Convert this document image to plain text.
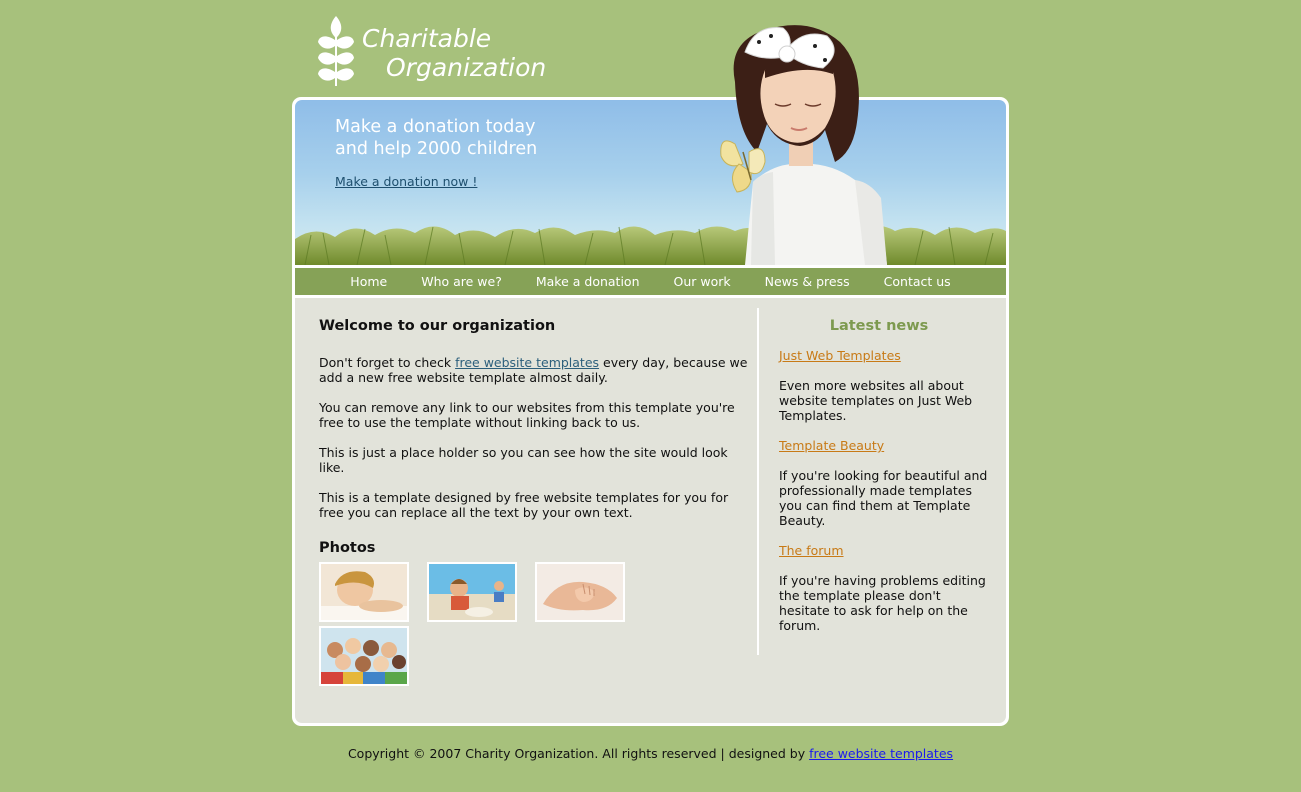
Charitable
Organization
Make a donation today
and help 2000 children
Make a donation now !
Home	Who are we?	Make a donation	Our work	News & press	Contact us
Welcome to our organization

Don't forget to check free website templates every day, because we add a new free website template almost daily.

You can remove any link to our websites from this template you're free to use the template without linking back to us.

This is just a place holder so you can see how the site would look like.

This is a template designed by free website templates for you for free you can replace all the text by your own text.

Photos
Latest news
Just Web Templates

Even more websites all about website templates on Just Web Templates.

Template Beauty

If you're looking for beautiful and professionally made templates you can find them at Template Beauty.

The forum

If you're having problems editing the template please don't hesitate to ask for help on the forum.

Copyright © 2007 Charity Organization. All rights reserved | designed by free website templates
